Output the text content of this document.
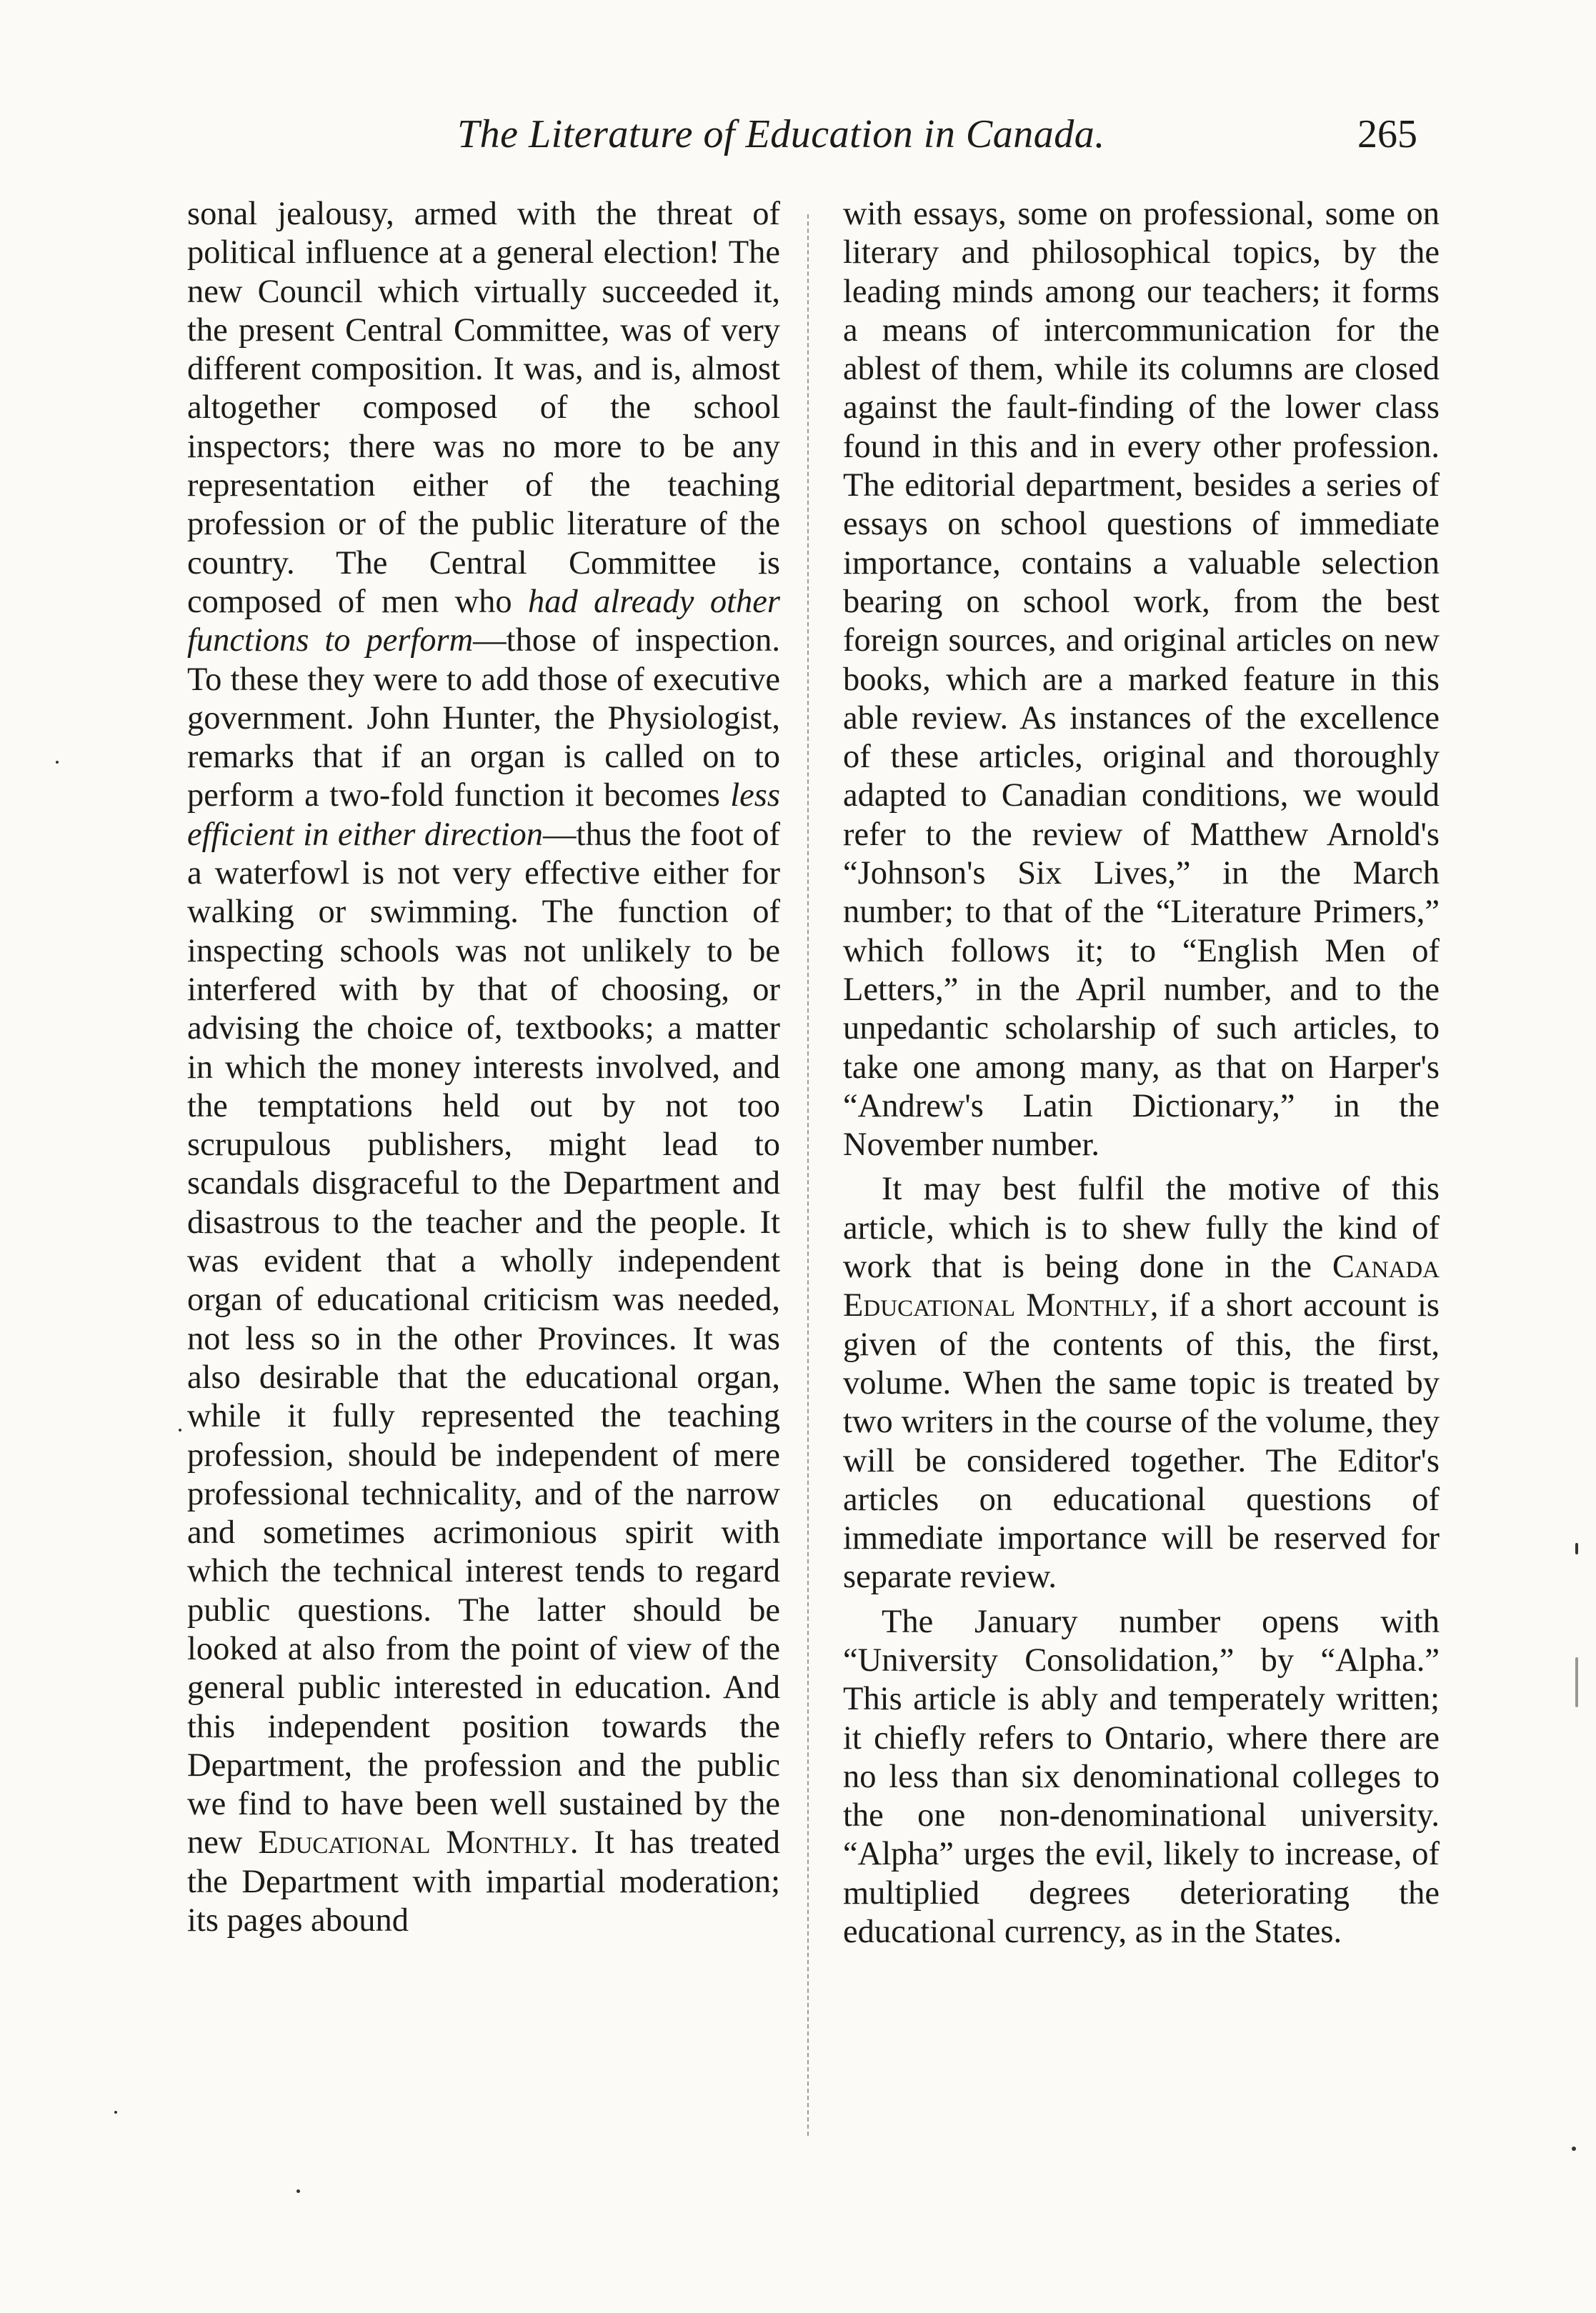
The Literature of Education in Canada.	265

sonal jealousy, armed with the threat of political influence at a general election! The new Council which virtually succeeded it, the present Central Committee, was of very different composition. It was, and is, almost altogether composed of the school inspectors; there was no more to be any representation either of the teaching profession or of the public literature of the country. The Central Committee is composed of men who had already other functions to perform—those of inspection. To these they were to add those of executive government. John Hunter, the Physiologist, remarks that if an organ is called on to perform a two-fold function it becomes less efficient in either direction—thus the foot of a waterfowl is not very effective either for walking or swimming. The function of inspecting schools was not unlikely to be interfered with by that of choosing, or advising the choice of, textbooks; a matter in which the money interests involved, and the temptations held out by not too scrupulous publishers, might lead to scandals disgraceful to the Department and disastrous to the teacher and the people. It was evident that a wholly independent organ of educational criticism was needed, not less so in the other Provinces. It was also desirable that the educational organ, while it fully represented the teaching profession, should be independent of mere professional technicality, and of the narrow and sometimes acrimonious spirit with which the technical interest tends to regard public questions. The latter should be looked at also from the point of view of the general public interested in education. And this independent position towards the Department, the profession and the public we find to have been well sustained by the new Educational Monthly. It has treated the Department with impartial moderation; its pages abound

with essays, some on professional, some on literary and philosophical topics, by the leading minds among our teachers; it forms a means of intercommunication for the ablest of them, while its columns are closed against the fault-finding of the lower class found in this and in every other profession. The editorial department, besides a series of essays on school questions of immediate importance, contains a valuable selection bearing on school work, from the best foreign sources, and original articles on new books, which are a marked feature in this able review. As instances of the excellence of these articles, original and thoroughly adapted to Canadian conditions, we would refer to the review of Matthew Arnold's “Johnson's Six Lives,” in the March number; to that of the “Literature Primers,” which follows it; to “English Men of Letters,” in the April number, and to the unpedantic scholarship of such articles, to take one among many, as that on Harper's “Andrew's Latin Dictionary,” in the November number.

It may best fulfil the motive of this article, which is to shew fully the kind of work that is being done in the Canada Educational Monthly, if a short account is given of the contents of this, the first, volume. When the same topic is treated by two writers in the course of the volume, they will be considered together. The Editor's articles on educational questions of immediate importance will be reserved for separate review.

The January number opens with “University Consolidation,” by “Alpha.” This article is ably and temperately written; it chiefly refers to Ontario, where there are no less than six denominational colleges to the one non-denominational university. “Alpha” urges the evil, likely to increase, of multiplied degrees deteriorating the educational currency, as in the States.
